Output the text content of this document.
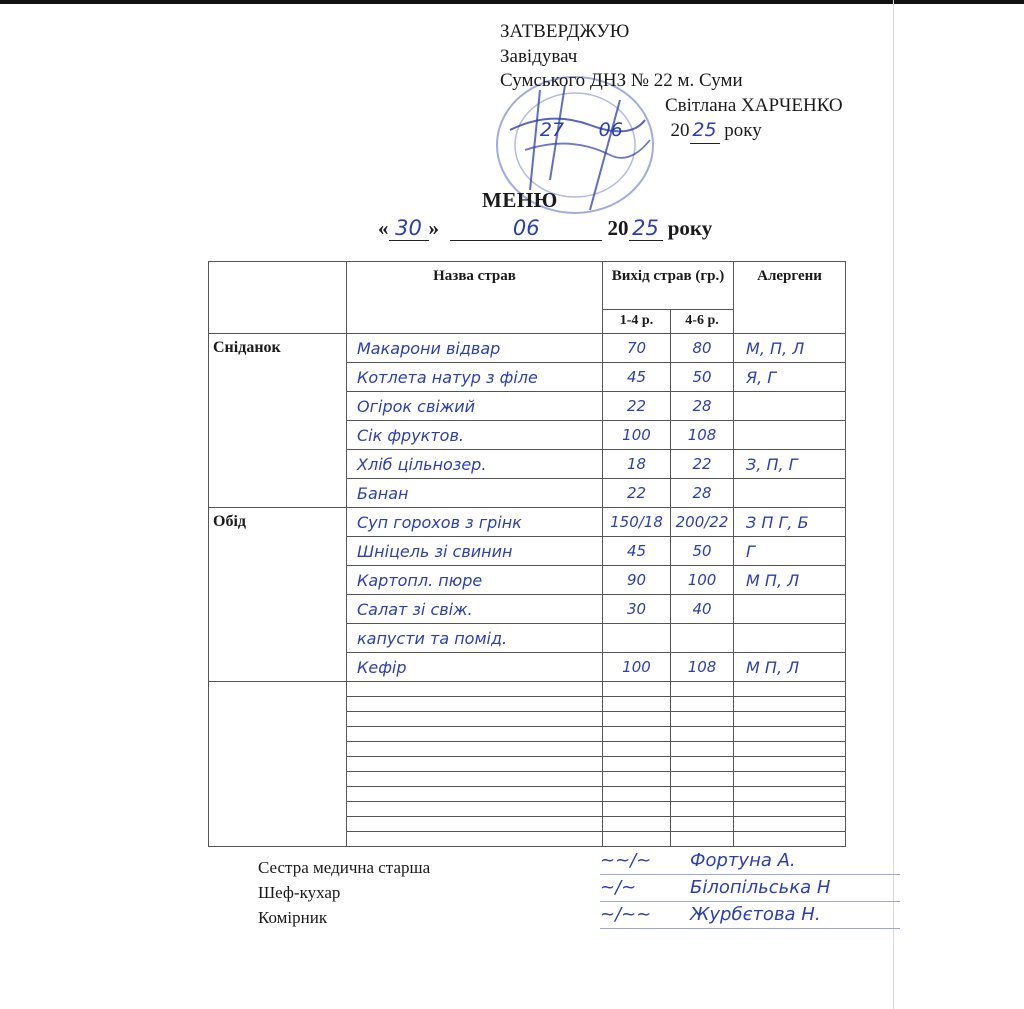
ЗАТВЕРДЖУЮ
Завідувач
Сумського ДНЗ № 22 м. Суми
Світлана ХАРЧЕНКО
27 06	20 25 року
МЕНЮ
« 30 »	06	20 25 року
	Назва страв	Вихід страв (гр.)		Алергени
		1-4 р.	4-6 р.	
Сніданок	Макарони відвар	70	80	М, П, Л
	Котлета натур з філе	45	50	Я, Г
	Огірок свіжий	22	28	
	Сік фруктов.	100	108	
	Хліб цільнозер.	18	22	З, П, Г
	Банан	22	28	
Обід	Суп горохов з грінк	150/18	200/22	З П Г, Б
	Шніцель зі свинин	45	50	Г
	Картопл. пюре	90	100	М П, Л
	Салат зі свіж.	30	40	
	капусти та помід.			
	Кефір	100	108	М П, Л

Сестра медична старша
Шеф-кухар
Комірник
~~/~ Фортуна А.
~/~	Білопільська Н
~/~~ Журбєтова Н.
